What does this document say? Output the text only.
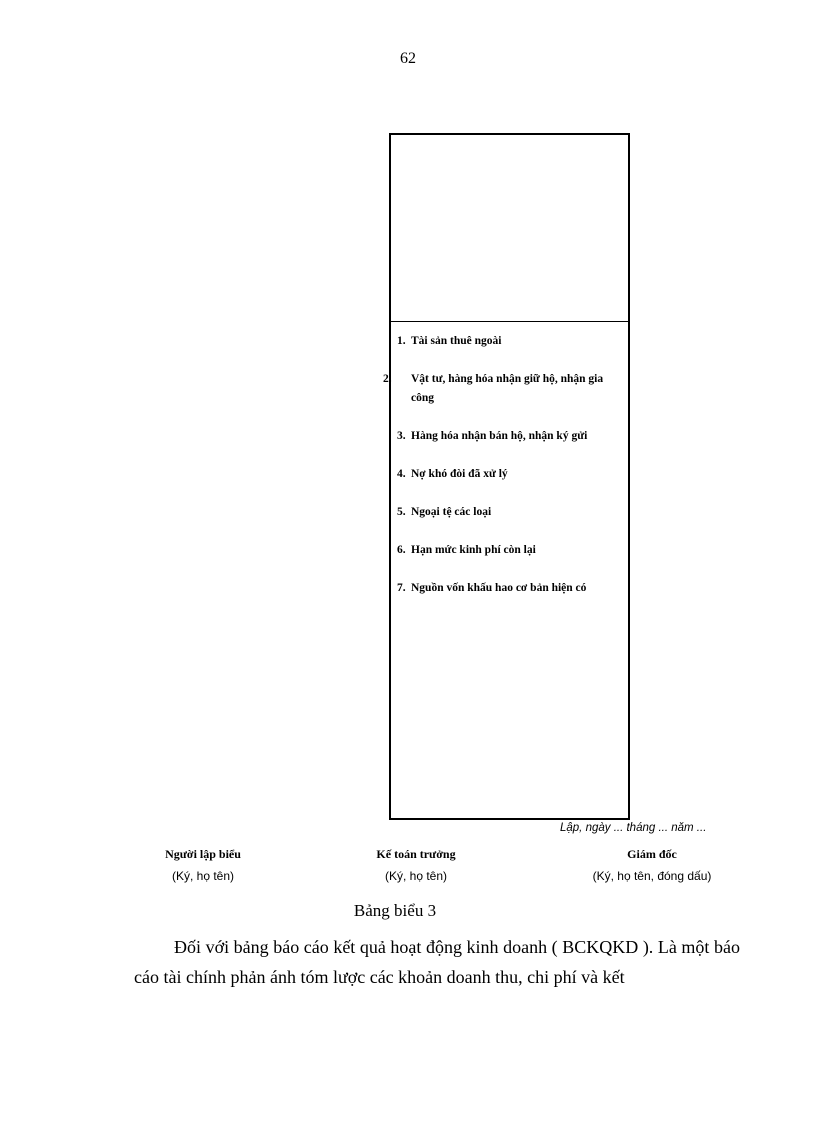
62
1. Tài sản thuê ngoài
2. Vật tư, hàng hóa nhận giữ hộ, nhận gia công
3. Hàng hóa nhận bán hộ, nhận ký gửi
4. Nợ khó đòi đã xử lý
5. Ngoại tệ các loại
6. Hạn mức kinh phí còn lại
7. Nguồn vốn khấu hao cơ bản hiện có
Lập, ngày ... tháng ... năm ...
Người lập biểu
(Ký, họ tên)
Kế toán trưởng
(Ký, họ tên)
Giám đốc
(Ký, họ tên, đóng dấu)
Bảng biểu 3
Đối với bảng báo cáo kết quả hoạt động kinh doanh ( BCKQKD ). Là một báo cáo tài chính phản ánh tóm lược các khoản doanh thu, chi phí và kết
